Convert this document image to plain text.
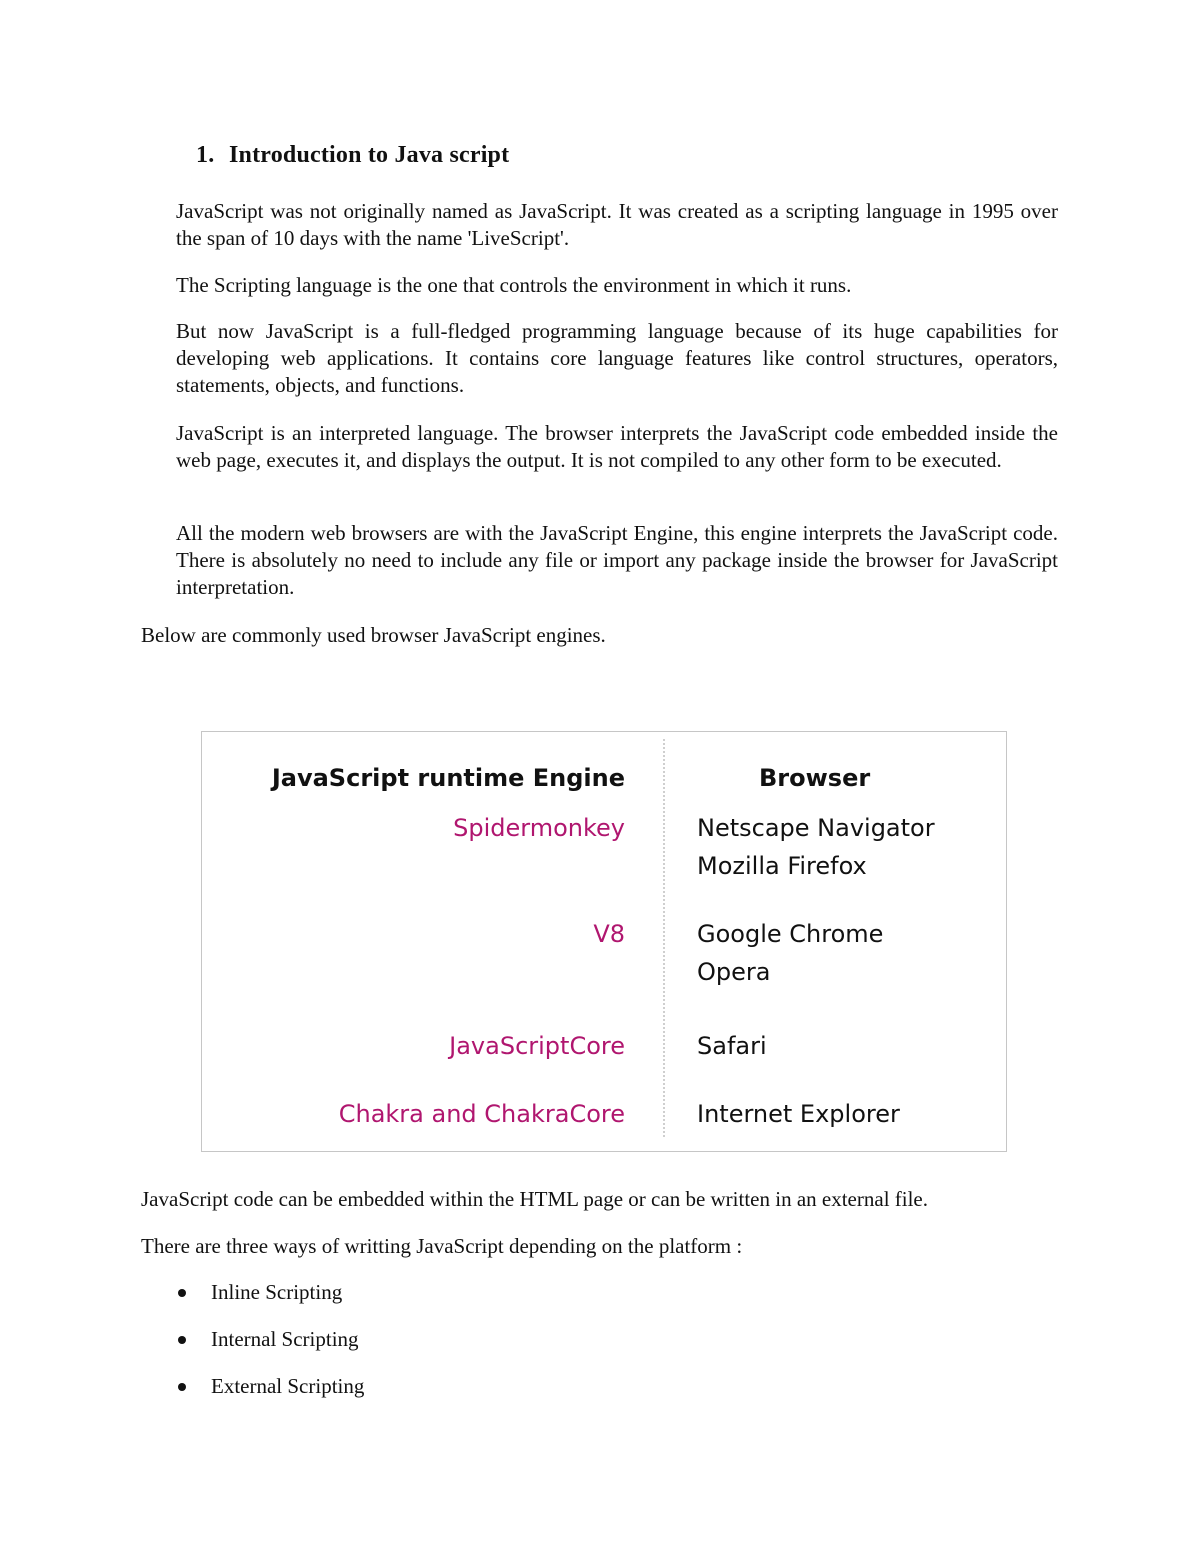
1. Introduction to Java script

JavaScript was not originally named as JavaScript. It was created as a scripting language in 1995 over the span of 10 days with the name 'LiveScript'.

The Scripting language is the one that controls the environment in which it runs.

But now JavaScript is a full-fledged programming language because of its huge capabilities for developing web applications. It contains core language features like control structures, operators, statements, objects, and functions.

JavaScript is an interpreted language. The browser interprets the JavaScript code embedded inside the web page, executes it, and displays the output. It is not compiled to any other form to be executed.

All the modern web browsers are with the JavaScript Engine, this engine interprets the JavaScript code. There is absolutely no need to include any file or import any package inside the browser for JavaScript interpretation.

Below are commonly used browser JavaScript engines.

JavaScript runtime Engine	Browser
Spidermonkey	Netscape Navigator
Mozilla Firefox
V8	Google Chrome
Opera
JavaScriptCore	Safari
Chakra and ChakraCore	Internet Explorer

JavaScript code can be embedded within the HTML page or can be written in an external file.

There are three ways of writting JavaScript depending on the platform :

Inline Scripting
Internal Scripting
External Scripting
